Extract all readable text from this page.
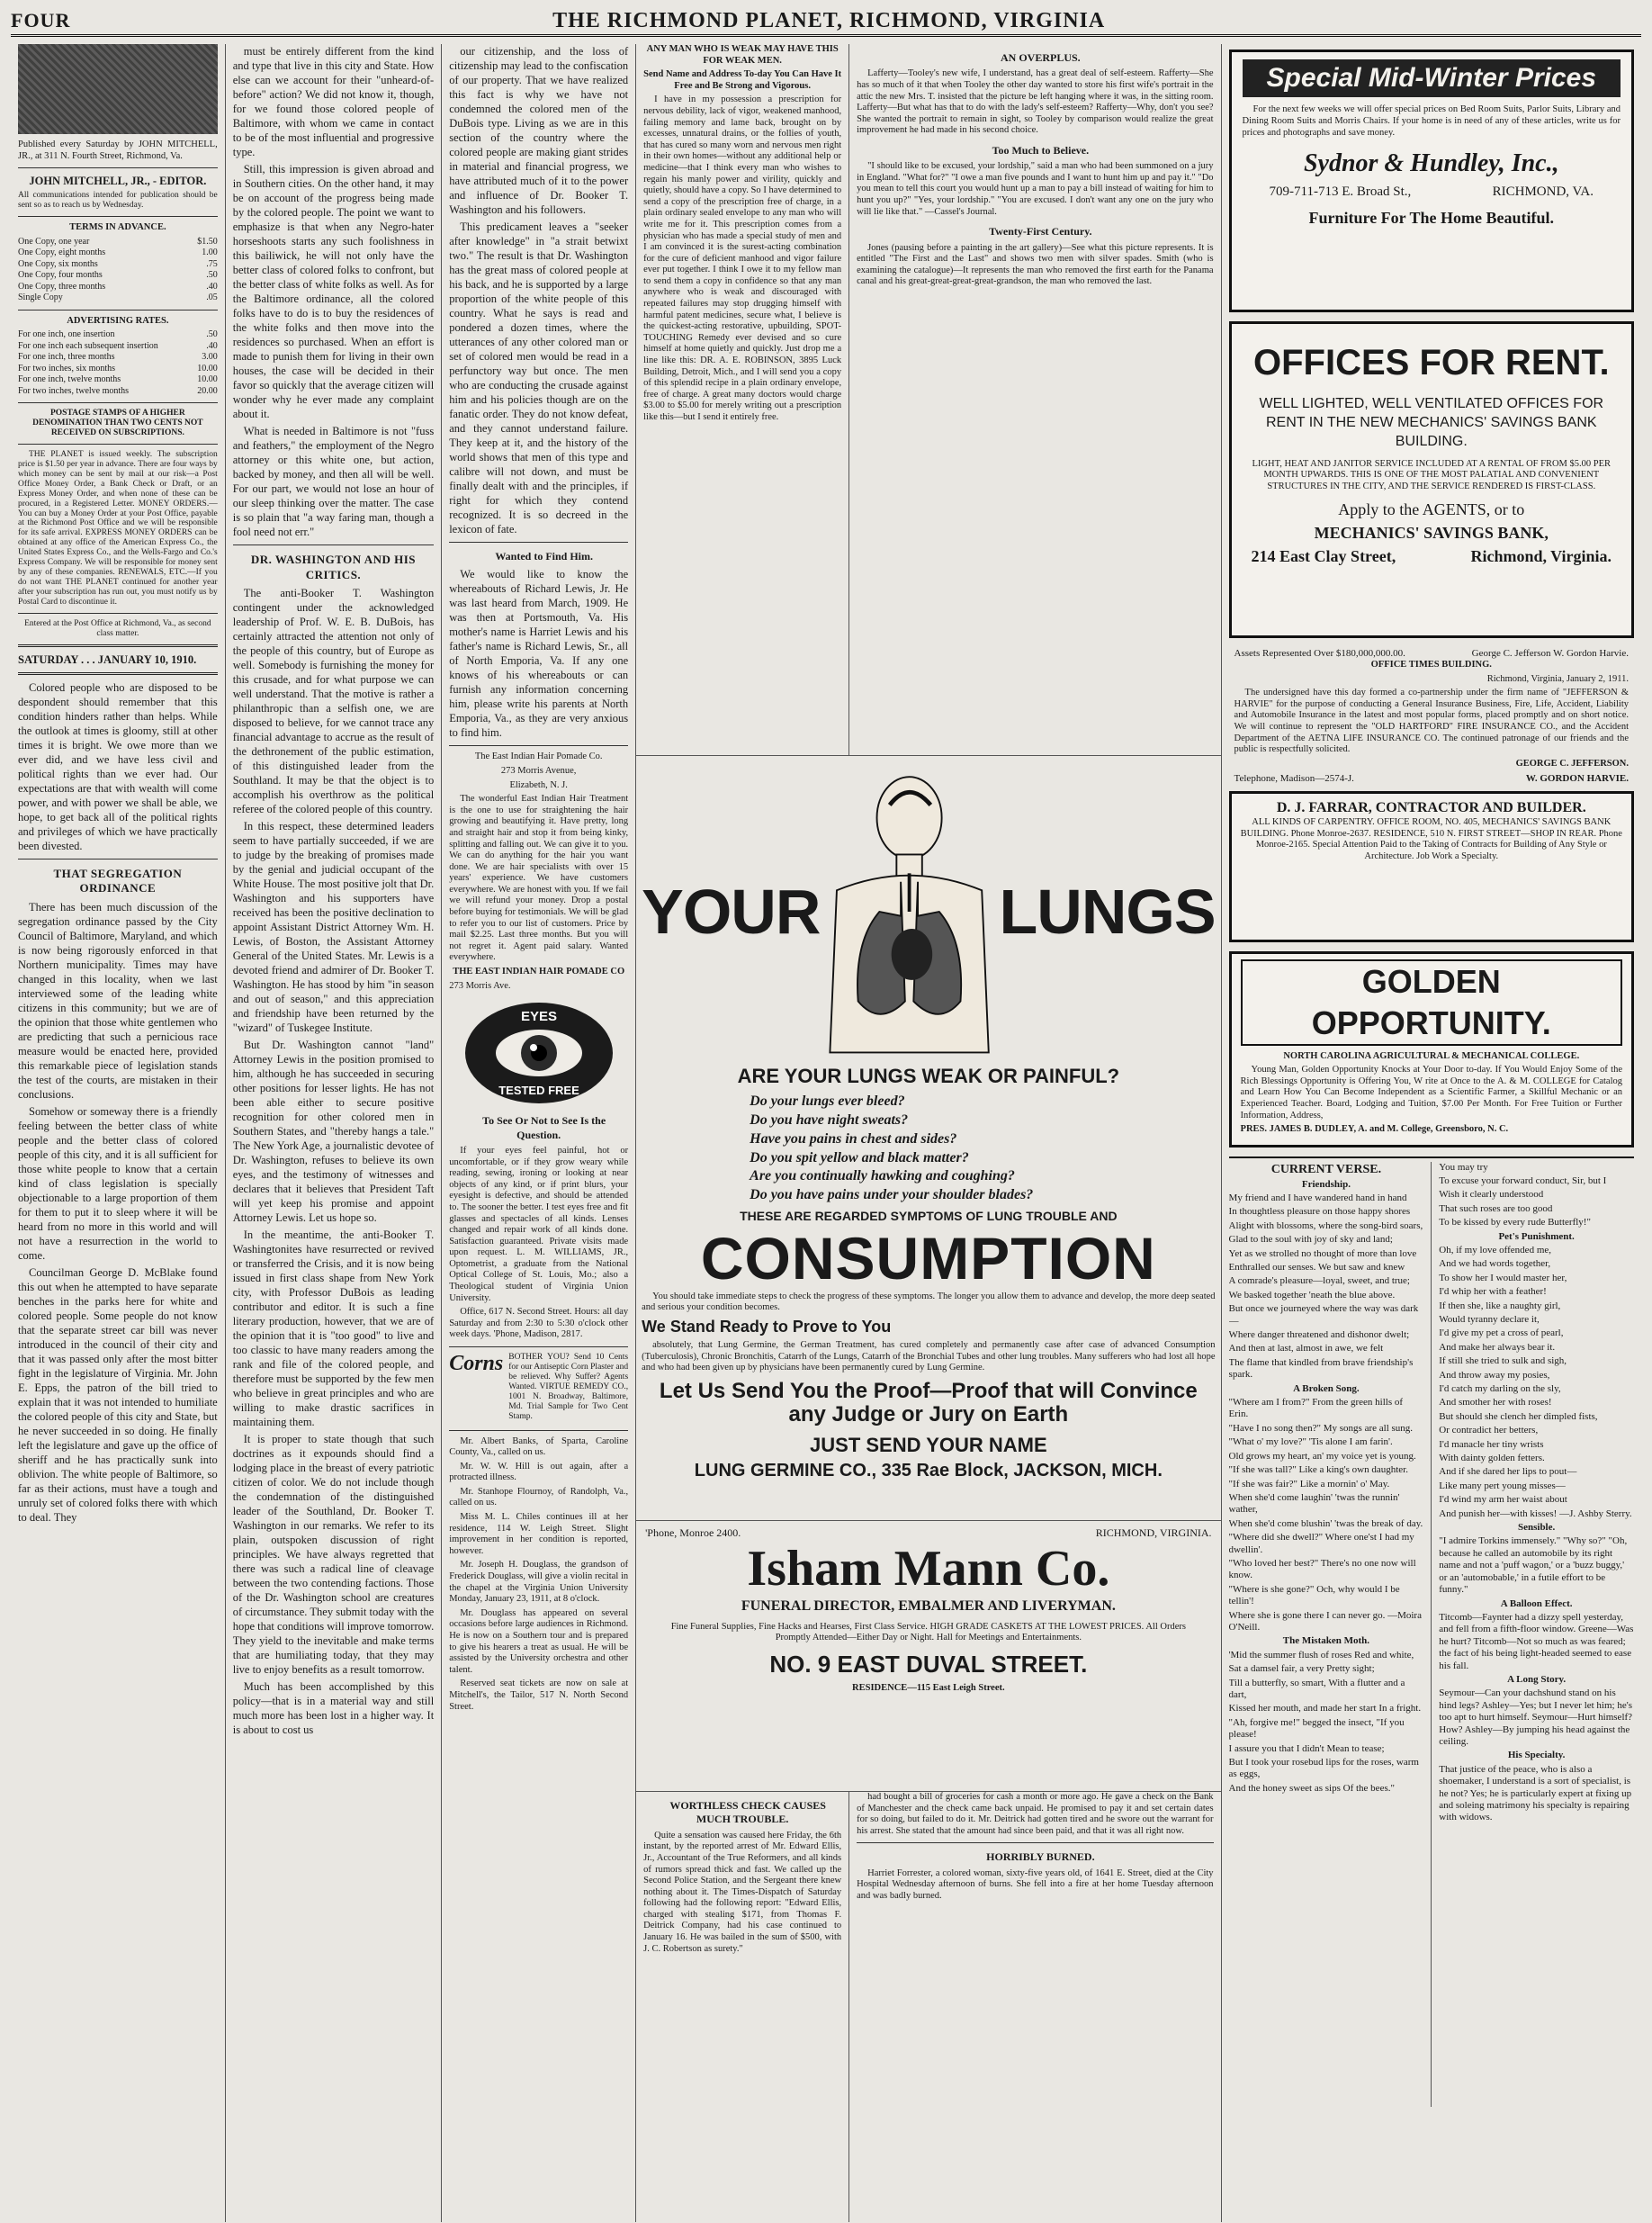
FOUR	THE RICHMOND PLANET, RICHMOND, VIRGINIA

Published every Saturday by JOHN MITCHELL, JR., at 311 N. Fourth Street, Richmond, Va.

JOHN MITCHELL, JR., - EDITOR.

All communications intended for publication should be sent so as to reach us by Wednesday.

TERMS IN ADVANCE.

One Copy, one year	$1.50
One Copy, eight months	1.00
One Copy, six months	.75
One Copy, four months	.50
One Copy, three months	.40
Single Copy	.05

ADVERTISING RATES.

For one inch, one insertion	.50
For one inch each subsequent insertion	.40
For one inch, three months	3.00
For two inches, six months	10.00
For one inch, twelve months	10.00
For two inches, twelve months	20.00

POSTAGE STAMPS OF A HIGHER DENOMINATION THAN TWO CENTS NOT RECEIVED ON SUBSCRIPTIONS.

THE PLANET is issued weekly. The subscription price is $1.50 per year in advance. There are four ways by which money can be sent by mail at our risk—a Post Office Money Order, a Bank Check or Draft, or an Express Money Order, and when none of these can be procured, in a Registered Letter. MONEY ORDERS.—You can buy a Money Order at your Post Office, payable at the Richmond Post Office and we will be responsible for its safe arrival. EXPRESS MONEY ORDERS can be obtained at any office of the American Express Co., the United States Express Co., and the Wells-Fargo and Co.'s Express Company. We will be responsible for money sent by any of these companies. RENEWALS, ETC.—If you do not want THE PLANET continued for another year after your subscription has run out, you must notify us by Postal Card to discontinue it.

Entered at the Post Office at Richmond, Va., as second class matter.

SATURDAY . . . JANUARY 10, 1910.

Colored people who are disposed to be despondent should remember that this condition hinders rather than helps. While the outlook at times is gloomy, still at other times it is bright. We owe more than we ever did, and we have less civil and political rights than we ever had. Our expectations are that with wealth will come power, and with power we shall be able, we hope, to get back all of the political rights and privileges of which we have practically been divested.

THAT SEGREGATION ORDINANCE

There has been much discussion of the segregation ordinance passed by the City Council of Baltimore, Maryland, and which is now being rigorously enforced in that Northern municipality. Times may have changed in this locality, when we last interviewed some of the leading white citizens in this community; but we are of the opinion that those white gentlemen who are predicting that such a pernicious race measure would be enacted here, provided this remarkable piece of legislation stands the test of the courts, are mistaken in their conclusions.

Somehow or someway there is a friendly feeling between the better class of white people and the better class of colored people of this city, and it is all sufficient for those white people to know that a certain kind of class legislation is specially objectionable to a large proportion of them for them to put it to sleep where it will be heard from no more in this world and will not have a resurrection in the world to come.

Councilman George D. McBlake found this out when he attempted to have separate benches in the parks here for white and colored people. Some people do not know that the separate street car bill was never introduced in the council of their city and that it was passed only after the most bitter fight in the legislature of Virginia. Mr. John E. Epps, the patron of the bill tried to explain that it was not intended to humiliate the colored people of this city and State, but he never succeeded in so doing. He finally left the legislature and gave up the office of sheriff and he has practically sunk into oblivion. The white people of Baltimore, so far as their actions, must have a tough and unruly set of colored folks there with which to deal. They

must be entirely different from the kind and type that live in this city and State. How else can we account for their "unheard-of-before" action? We did not know it, though, for we found those colored people of Baltimore, with whom we came in contact to be of the most influential and progressive type.

Still, this impression is given abroad and in Southern cities. On the other hand, it may be on account of the progress being made by the colored people. The point we want to emphasize is that when any Negro-hater horseshoots starts any such foolishness in this bailiwick, he will not only have the better class of colored folks to confront, but the better class of white folks as well. As for the Baltimore ordinance, all the colored folks have to do is to buy the residences of the white folks and then move into the residences so purchased. When an effort is made to punish them for living in their own houses, the case will be decided in their favor so quickly that the average citizen will wonder why he ever made any complaint about it.

What is needed in Baltimore is not "fuss and feathers," the employment of the Negro attorney or this white one, but action, backed by money, and then all will be well. For our part, we would not lose an hour of our sleep thinking over the matter. The case is so plain that "a way faring man, though a fool need not err."

DR. WASHINGTON AND HIS CRITICS.

The anti-Booker T. Washington contingent under the acknowledged leadership of Prof. W. E. B. DuBois, has certainly attracted the attention not only of the people of this country, but of Europe as well. Somebody is furnishing the money for this crusade, and for what purpose we can well understand. That the motive is rather a philanthropic than a selfish one, we are disposed to believe, for we cannot trace any financial advantage to accrue as the result of the dethronement of the public estimation, of this distinguished leader from the Southland. It may be that the object is to accomplish his overthrow as the political referee of the colored people of this country.

In this respect, these determined leaders seem to have partially succeeded, if we are to judge by the breaking of promises made by the genial and judicial occupant of the White House. The most positive jolt that Dr. Washington and his supporters have received has been the positive declination to appoint Assistant District Attorney Wm. H. Lewis, of Boston, the Assistant Attorney General of the United States. Mr. Lewis is a devoted friend and admirer of Dr. Booker T. Washington. He has stood by him "in season and out of season," and this appreciation and friendship have been returned by the "wizard" of Tuskegee Institute.

But Dr. Washington cannot "land" Attorney Lewis in the position promised to him, although he has succeeded in securing other positions for lesser lights. He has not been able either to secure positive recognition for other colored men in Southern States, and "thereby hangs a tale." The New York Age, a journalistic devotee of Dr. Washington, refuses to believe its own eyes, and the testimony of witnesses and declares that it believes that President Taft will yet keep his promise and appoint Attorney Lewis. Let us hope so.

In the meantime, the anti-Booker T. Washingtonites have resurrected or revived or transferred the Crisis, and it is now being issued in first class shape from New York city, with Professor DuBois as leading contributor and editor. It is such a fine literary production, however, that we are of the opinion that it is "too good" to live and too classic to have many readers among the rank and file of the colored people, and therefore must be supported by the few men who believe in great principles and who are willing to make drastic sacrifices in maintaining them.

It is proper to state though that such doctrines as it expounds should find a lodging place in the breast of every patriotic citizen of color. We do not include though the condemnation of the distinguished leader of the Southland, Dr. Booker T. Washington in our remarks. We refer to its plain, outspoken discussion of right principles. We have always regretted that there was such a radical line of cleavage between the two contending factions. Those of the Dr. Washington school are creatures of circumstance. They submit today with the hope that conditions will improve tomorrow. They yield to the inevitable and make terms that are humiliating today, that they may live to enjoy benefits as a result tomorrow.

Much has been accomplished by this policy—that is in a material way and still much more has been lost in a higher way. It is about to cost us

our citizenship, and the loss of citizenship may lead to the confiscation of our property. That we have realized this fact is why we have not condemned the colored men of the DuBois type. Living as we are in this section of the country where the colored people are making giant strides in material and financial progress, we have attributed much of it to the power and influence of Dr. Booker T. Washington and his followers.

This predicament leaves a "seeker after knowledge" in "a strait betwixt two." The result is that Dr. Washington has the great mass of colored people at his back, and he is supported by a large proportion of the white people of this country. What he says is read and pondered a dozen times, where the utterances of any other colored man or set of colored men would be read in a perfunctory way but once. The men who are conducting the crusade against him and his policies though are on the fanatic order. They do not know defeat, and they cannot understand failure. They keep at it, and the history of the world shows that men of this type and calibre will not down, and must be finally dealt with and the principles, if right for which they contend recognized. It is so decreed in the lexicon of fate.

Wanted to Find Him.

We would like to know the whereabouts of Richard Lewis, Jr. He was last heard from March, 1909. He was then at Portsmouth, Va. His mother's name is Harriet Lewis and his father's name is Richard Lewis, Sr., all of North Emporia, Va. If any one knows of his whereabouts or can furnish any information concerning him, please write his parents at North Emporia, Va., as they are very anxious to find him.

The East Indian Hair Pomade Co.

273 Morris Avenue,

Elizabeth, N. J.

The wonderful East Indian Hair Treatment is the one to use for straightening the hair growing and beautifying it. Have pretty, long and straight hair and stop it from being kinky, splitting and falling out. We can give it to you. We can do anything for the hair you want done. We are hair specialists with over 15 years' experience. We have customers everywhere. We are honest with you. If we fail we will refund your money. Drop a postal before buying for testimonials. We will be glad to refer you to our list of customers. Price by mail $2.25. Last three months. But you will not regret it. Agent paid salary. Wanted everywhere.

THE EAST INDIAN HAIR POMADE CO

273 Morris Ave.

EYES
TESTED FREE

To See Or Not to See Is the Question.

If your eyes feel painful, hot or uncomfortable, or if they grow weary while reading, sewing, ironing or looking at near objects of any kind, or if print blurs, your eyesight is defective, and should be attended to. The sooner the better. I test eyes free and fit glasses and spectacles of all kinds. Lenses changed and repair work of all kinds done. Satisfaction guaranteed. Private visits made upon request. L. M. WILLIAMS, JR., Optometrist, a graduate from the National Optical College of St. Louis, Mo.; also a Theological student of Virginia Union University.

Office, 617 N. Second Street. Hours: all day Saturday and from 2:30 to 5:30 o'clock other week days. 'Phone, Madison, 2817.

Corns BOTHER YOU? Send 10 Cents for our Antiseptic Corn Plaster and be relieved. Why Suffer? Agents Wanted. VIRTUE REMEDY CO., 1001 N. Broadway, Baltimore, Md. Trial Sample for Two Cent Stamp.

Mr. Albert Banks, of Sparta, Caroline County, Va., called on us.

Mr. W. W. Hill is out again, after a protracted illness.

Mr. Stanhope Flournoy, of Randolph, Va., called on us.

Miss M. L. Chiles continues ill at her residence, 114 W. Leigh Street. Slight improvement in her condition is reported, however.

Mr. Joseph H. Douglass, the grandson of Frederick Douglass, will give a violin recital in the chapel at the Virginia Union University Monday, January 23, 1911, at 8 o'clock.

Mr. Douglass has appeared on several occasions before large audiences in Richmond. He is now on a Southern tour and is prepared to give his hearers a treat as usual. He will be assisted by the University orchestra and other talent.

Reserved seat tickets are now on sale at Mitchell's, the Tailor, 517 N. North Second Street.

ANY MAN WHO IS WEAK MAY HAVE THIS FOR WEAK MEN.

Send Name and Address To-day You Can Have It Free and Be Strong and Vigorous.

I have in my possession a prescription for nervous debility, lack of vigor, weakened manhood, failing memory and lame back, brought on by excesses, unnatural drains, or the follies of youth, that has cured so many worn and nervous men right in their own homes—without any additional help or medicine—that I think every man who wishes to regain his manly power and virility, quickly and quietly, should have a copy. So I have determined to send a copy of the prescription free of charge, in a plain ordinary sealed envelope to any man who will write me for it. This prescription comes from a physician who has made a special study of men and I am convinced it is the surest-acting combination for the cure of deficient manhood and vigor failure ever put together. I think I owe it to my fellow man to send them a copy in confidence so that any man anywhere who is weak and discouraged with repeated failures may stop drugging himself with harmful patent medicines, secure what, I believe is the quickest-acting restorative, upbuilding, SPOT-TOUCHING Remedy ever devised and so cure himself at home quietly and quickly. Just drop me a line like this: DR. A. E. ROBINSON, 3895 Luck Building, Detroit, Mich., and I will send you a copy of this splendid recipe in a plain ordinary envelope, free of charge. A great many doctors would charge $3.00 to $5.00 for merely writing out a prescription like this—but I send it entirely free.

AN OVERPLUS.

Lafferty—Tooley's new wife, I understand, has a great deal of self-esteem. Rafferty—She has so much of it that when Tooley the other day wanted to store his first wife's portrait in the attic the new Mrs. T. insisted that the picture be left hanging where it was, in the sitting room. Lafferty—But what has that to do with the lady's self-esteem? Rafferty—Why, don't you see? She wanted the portrait to remain in sight, so Tooley by comparison would realize the great improvement he had made in his second choice.

Too Much to Believe.

"I should like to be excused, your lordship," said a man who had been summoned on a jury in England. "What for?" "I owe a man five pounds and I want to hunt him up and pay it." "Do you mean to tell this court you would hunt up a man to pay a bill instead of waiting for him to hunt you up?" "Yes, your lordship." "You are excused. I don't want any one on the jury who will lie like that." —Cassel's Journal.

Twenty-First Century.

Jones (pausing before a painting in the art gallery)—See what this picture represents. It is entitled "The First and the Last" and shows two men with silver spades. Smith (who is examining the catalogue)—It represents the man who removed the first earth for the Panama canal and his great-great-great-great-grandson, the man who removed the last.

YOUR	LUNGS

ARE YOUR LUNGS WEAK OR PAINFUL?

Do your lungs ever bleed?

Do you have night sweats?

Have you pains in chest and sides?

Do you spit yellow and black matter?

Are you continually hawking and coughing?

Do you have pains under your shoulder blades?

THESE ARE REGARDED SYMPTOMS OF LUNG TROUBLE AND

CONSUMPTION

You should take immediate steps to check the progress of these symptoms. The longer you allow them to advance and develop, the more deep seated and serious your condition becomes.

We Stand Ready to Prove to You

absolutely, that Lung Germine, the German Treatment, has cured completely and permanently case after case of advanced Consumption (Tuberculosis), Chronic Bronchitis, Catarrh of the Lungs, Catarrh of the Bronchial Tubes and other lung troubles. Many sufferers who had lost all hope and who had been given up by physicians have been permanently cured by Lung Germine.

Let Us Send You the Proof—Proof that will Convince any Judge or Jury on Earth

JUST SEND YOUR NAME

LUNG GERMINE CO., 335 Rae Block, JACKSON, MICH.

'Phone, Monroe 2400.	RICHMOND, VIRGINIA.
Isham Mann Co.

FUNERAL DIRECTOR, EMBALMER AND LIVERYMAN.

Fine Funeral Supplies, Fine Hacks and Hearses, First Class Service. HIGH GRADE CASKETS AT THE LOWEST PRICES. All Orders Promptly Attended—Either Day or Night. Hall for Meetings and Entertainments.

NO. 9 EAST DUVAL STREET.

RESIDENCE—115 East Leigh Street.

WORTHLESS CHECK CAUSES MUCH TROUBLE.

Quite a sensation was caused here Friday, the 6th instant, by the reported arrest of Mr. Edward Ellis, Jr., Accountant of the True Reformers, and all kinds of rumors spread thick and fast. We called up the Second Police Station, and the Sergeant there knew nothing about it. The Times-Dispatch of Saturday following had the following report: "Edward Ellis, charged with stealing $171, from Thomas F. Deitrick Company, had his case continued to January 16. He was bailed in the sum of $500, with J. C. Robertson as surety."

had bought a bill of groceries for cash a month or more ago. He gave a check on the Bank of Manchester and the check came back unpaid. He promised to pay it and set certain dates for so doing, but failed to do it. Mr. Deitrick had gotten tired and he swore out the warrant for his arrest. She stated that the amount had since been paid, and that it was all right now.

HORRIBLY BURNED.

Harriet Forrester, a colored woman, sixty-five years old, of 1641 E. Street, died at the City Hospital Wednesday afternoon of burns. She fell into a fire at her home Tuesday afternoon and was badly burned.

Special Mid-Winter Prices

For the next few weeks we will offer special prices on Bed Room Suits, Parlor Suits, Library and Dining Room Suits and Morris Chairs. If your home is in need of any of these articles, write us for prices and photographs and save money.

Sydnor & Hundley, Inc.,

709-711-713 E. Broad St.,	RICHMOND, VA.

Furniture For The Home Beautiful.

OFFICES FOR RENT.

WELL LIGHTED, WELL VENTILATED OFFICES FOR RENT IN THE NEW MECHANICS' SAVINGS BANK BUILDING.

LIGHT, HEAT AND JANITOR SERVICE INCLUDED AT A RENTAL OF FROM $5.00 PER MONTH UPWARDS. THIS IS ONE OF THE MOST PALATIAL AND CONVENIENT STRUCTURES IN THE CITY, AND THE SERVICE RENDERED IS FIRST-CLASS.

Apply to the AGENTS, or to

MECHANICS' SAVINGS BANK,

214 East Clay Street,	Richmond, Virginia.
Assets Represented Over $180,000,000.00.	George C. Jefferson W. Gordon Harvie.

OFFICE TIMES BUILDING.

Richmond, Virginia, January 2, 1911.

The undersigned have this day formed a co-partnership under the firm name of "JEFFERSON & HARVIE" for the purpose of conducting a General Insurance Business, Fire, Life, Accident, Liability and Automobile Insurance in the latest and most popular forms, placed promptly and on short notice. We will continue to represent the "OLD HARTFORD" FIRE INSURANCE CO., and the Accident Department of the AETNA LIFE INSURANCE CO. The continued patronage of our friends and the public is respectfully solicited.

GEORGE C. JEFFERSON.

Telephone, Madison—2574-J.	W. GORDON HARVIE.

D. J. FARRAR, CONTRACTOR AND BUILDER.

ALL KINDS OF CARPENTRY. OFFICE ROOM, NO. 405, MECHANICS' SAVINGS BANK BUILDING. Phone Monroe-2637. RESIDENCE, 510 N. FIRST STREET—SHOP IN REAR. Phone Monroe-2165. Special Attention Paid to the Taking of Contracts for Building of Any Style or Architecture. Job Work a Specialty.

GOLDEN OPPORTUNITY.

NORTH CAROLINA AGRICULTURAL & MECHANICAL COLLEGE.

Young Man, Golden Opportunity Knocks at Your Door to-day. If You Would Enjoy Some of the Rich Blessings Opportunity is Offering You, W rite at Once to the A. & M. COLLEGE for Catalog and Learn How You Can Become Independent as a Scientific Farmer, a Skillful Mechanic or an Experienced Teacher. Board, Lodging and Tuition, $7.00 Per Month. For Free Tuition or Further Information, Address,

PRES. JAMES B. DUDLEY, A. and M. College, Greensboro, N. C.

CURRENT VERSE.

Friendship.

My friend and I have wandered hand in hand

In thoughtless pleasure on those happy shores

Alight with blossoms, where the song-bird soars,

Glad to the soul with joy of sky and land;

Yet as we strolled no thought of more than love

Enthralled our senses. We but saw and knew

A comrade's pleasure—loyal, sweet, and true;

We basked together 'neath the blue above.

But once we journeyed where the way was dark—

Where danger threatened and dishonor dwelt;

And then at last, almost in awe, we felt

The flame that kindled from brave friendship's spark.

A Broken Song.

"Where am I from?" From the green hills of Erin.

"Have I no song then?" My songs are all sung.

"What o' my love?" 'Tis alone I am farin'.

Old grows my heart, an' my voice yet is young.

"If she was tall?" Like a king's own daughter.

"If she was fair?" Like a mornin' o' May.

When she'd come laughin' 'twas the runnin' wather,

When she'd come blushin' 'twas the break of day.

"Where did she dwell?" Where one'st I had my dwellin'.

"Who loved her best?" There's no one now will know.

"Where is she gone?" Och, why would I be tellin'!

Where she is gone there I can never go. —Moira O'Neill.

The Mistaken Moth.

'Mid the summer flush of roses Red and white,

Sat a damsel fair, a very Pretty sight;

Till a butterfly, so smart, With a flutter and a dart,

Kissed her mouth, and made her start In a fright.

"Ah, forgive me!" begged the insect, "If you please!

I assure you that I didn't Mean to tease;

But I took your rosebud lips for the roses, warm as eggs,

And the honey sweet as sips Of the bees."

You may try

To excuse your forward conduct, Sir, but I

Wish it clearly understood

That such roses are too good

To be kissed by every rude Butterfly!"

Pet's Punishment.

Oh, if my love offended me,

And we had words together,

To show her I would master her,

I'd whip her with a feather!

If then she, like a naughty girl,

Would tyranny declare it,

I'd give my pet a cross of pearl,

And make her always bear it.

If still she tried to sulk and sigh,

And throw away my posies,

I'd catch my darling on the sly,

And smother her with roses!

But should she clench her dimpled fists,

Or contradict her betters,

I'd manacle her tiny wrists

With dainty golden fetters.

And if she dared her lips to pout—

Like many pert young misses—

I'd wind my arm her waist about

And punish her—with kisses! —J. Ashby Sterry.

Sensible.

"I admire Torkins immensely." "Why so?" "Oh, because he called an automobile by its right name and not a 'puff wagon,' or a 'buzz buggy,' or an 'automobable,' in a futile effort to be funny."

A Balloon Effect.

Titcomb—Faynter had a dizzy spell yesterday, and fell from a fifth-floor window. Greene—Was he hurt? Titcomb—Not so much as was feared; the fact of his being light-headed seemed to ease his fall.

A Long Story.

Seymour—Can your dachshund stand on his hind legs? Ashley—Yes; but I never let him; he's too apt to hurt himself. Seymour—Hurt himself? How? Ashley—By jumping his head against the ceiling.

His Specialty.

That justice of the peace, who is also a shoemaker, I understand is a sort of specialist, is he not? Yes; he is particularly expert at fixing up and soleing matrimony his specialty is repairing with widows.
